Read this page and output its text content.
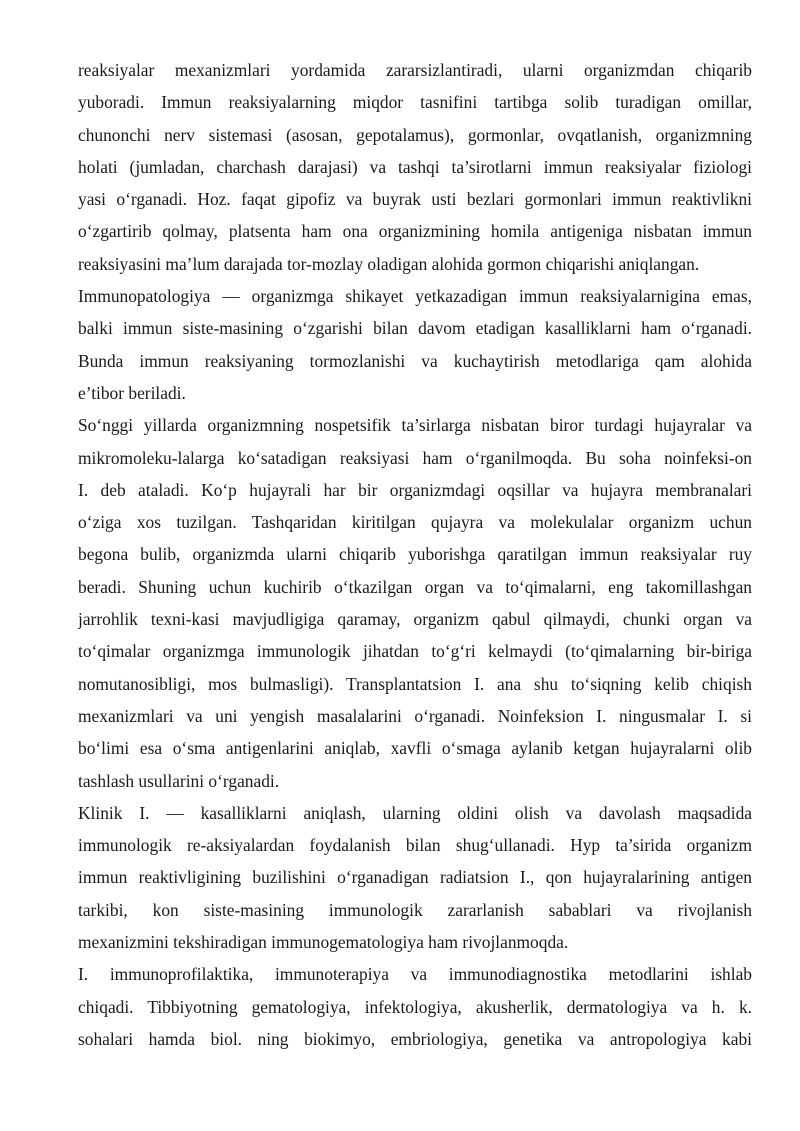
reaksiyalar mexanizmlari yordamida zararsizlantiradi, ularni organizmdan chiqarib
yuboradi. Immun reaksiyalarning miqdor tasnifini tartibga solib turadigan omillar,
chunonchi nerv sistemasi (asosan, gepotalamus), gormonlar, ovqatlanish, organizmning
holati (jumladan, charchash darajasi) va tashqi ta’sirotlarni immun reaksiyalar fiziologi
yasi oʻrganadi. Hoz. faqat gipofiz va buyrak usti bezlari gormonlari immun reaktivlikni
oʻzgartirib qolmay, platsenta ham ona organizmining homila antigeniga nisbatan immun
reaksiyasini ma’lum darajada tor-mozlay oladigan alohida gormon chiqarishi aniqlangan.

Immunopatologiya — organizmga shikayet yetkazadigan immun reaksiyalarnigina emas,
balki immun siste-masining oʻzgarishi bilan davom etadigan kasalliklarni ham oʻrganadi.
Bunda immun reaksiyaning tormozlanishi va kuchaytirish metodlariga qam alohida
e’tibor beriladi.

Soʻnggi yillarda organizmning nospetsifik ta’sirlarga nisbatan biror turdagi hujayralar va
mikromoleku-lalarga koʻsatadigan reaksiyasi ham oʻrganilmoqda. Bu soha noinfeksi-on
I. deb ataladi. Koʻp hujayrali har bir organizmdagi oqsillar va hujayra membranalari
oʻziga xos tuzilgan. Tashqaridan kiritilgan qujayra va molekulalar organizm uchun
begona bulib, organizmda ularni chiqarib yuborishga qaratilgan immun reaksiyalar ruy
beradi. Shuning uchun kuchirib oʻtkazilgan organ va toʻqimalarni, eng takomillashgan
jarrohlik texni-kasi mavjudligiga qaramay, organizm qabul qilmaydi, chunki organ va
toʻqimalar organizmga immunologik jihatdan toʻgʻri kelmaydi (toʻqimalarning bir-biriga
nomutanosibligi, mos bulmasligi). Transplantatsion I. ana shu toʻsiqning kelib chiqish
mexanizmlari va uni yengish masalalarini oʻrganadi. Noinfeksion I. ningusmalar I. si
boʻlimi esa oʻsma antigenlarini aniqlab, xavfli oʻsmaga aylanib ketgan hujayralarni olib
tashlash usullarini oʻrganadi.

Klinik I. — kasalliklarni aniqlash, ularning oldini olish va davolash maqsadida
immunologik re-aksiyalardan foydalanish bilan shugʻullanadi. Hyp ta’sirida organizm
immun reaktivligining buzilishini oʻrganadigan radiatsion I., qon hujayralarining antigen
tarkibi, kon siste-masining immunologik zararlanish sabablari va rivojlanish
mexanizmini tekshiradigan immunogematologiya ham rivojlanmoqda.

I. immunoprofilaktika, immunoterapiya va immunodiagnostika metodlarini ishlab
chiqadi. Tibbiyotning gematologiya, infektologiya, akusherlik, dermatologiya va h. k.
sohalari hamda biol. ning biokimyo, embriologiya, genetika va antropologiya kabi
